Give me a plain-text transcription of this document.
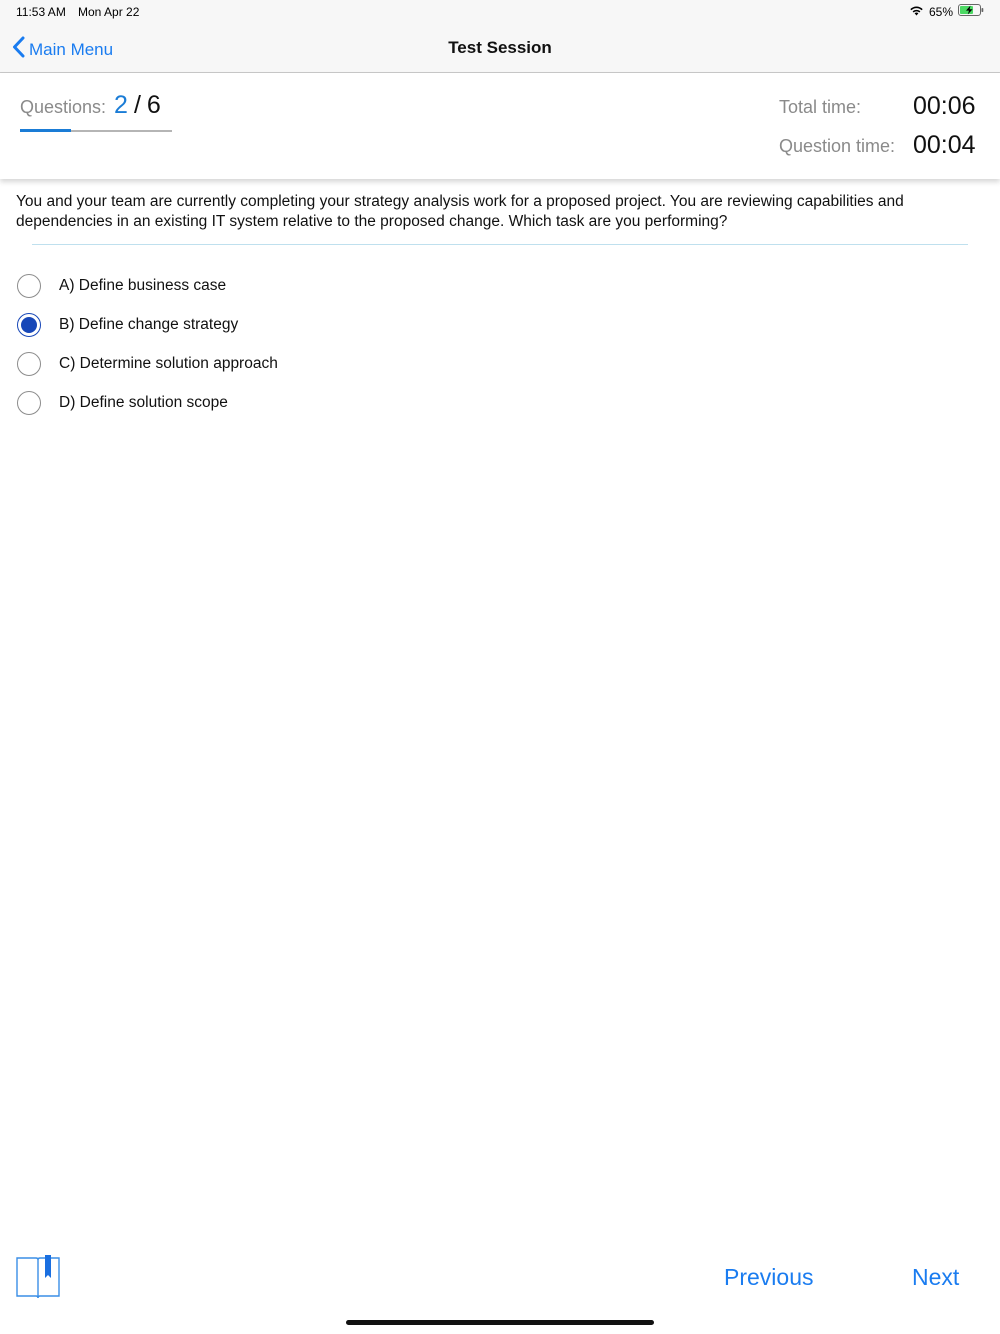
11:53 AM Mon Apr 22	65%
Main Menu	Test Session
Questions: 2 / 6	Total time: 00:06
Question time: 00:04
You and your team are currently completing your strategy analysis work for a proposed project. You are reviewing capabilities and dependencies in an existing IT system relative to the proposed change. Which task are you performing?
A) Define business case
B) Define change strategy
C) Determine solution approach
D) Define solution scope
Previous	Next
